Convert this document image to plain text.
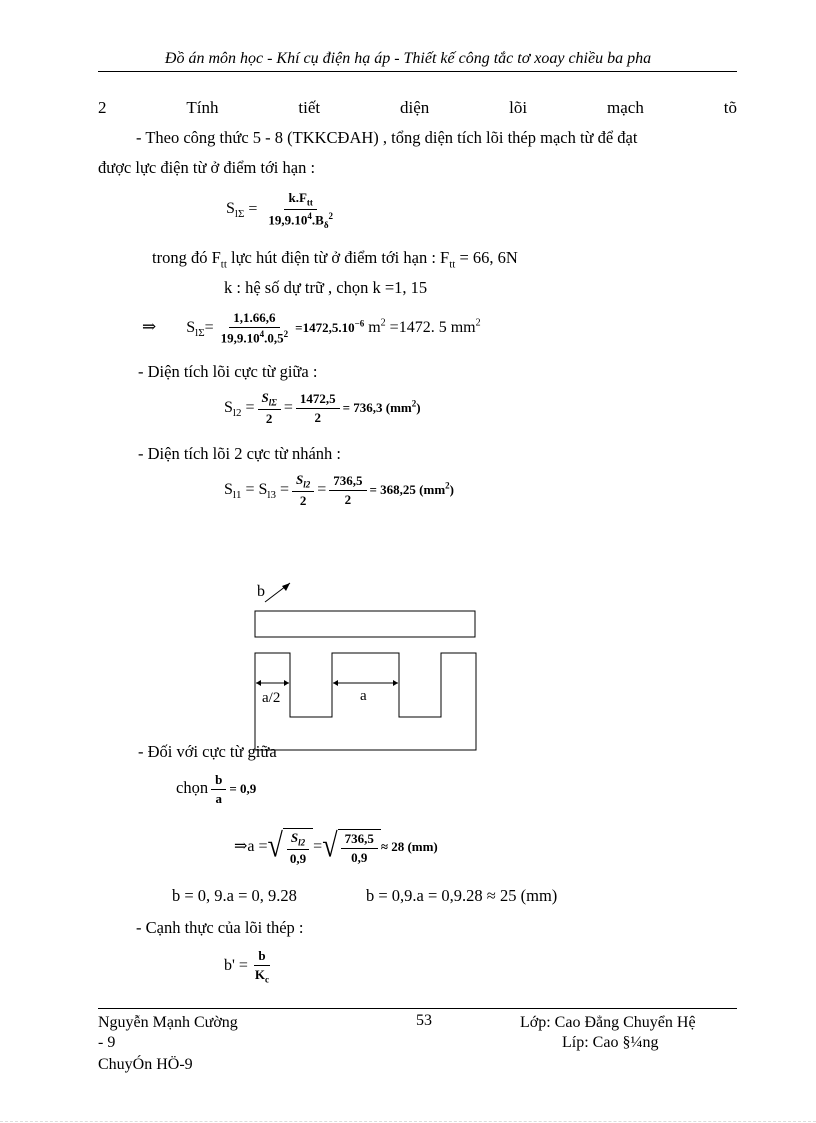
Đồ án môn học - Khí cụ điện hạ áp - Thiết kế công tắc tơ xoay chiều ba pha
2	Tính	tiết	diện	lõi	mạch	tõ
- Theo công thức 5 - 8 (TKKCĐAH) , tổng diện tích lõi thép mạch từ để đạt
được lực điện từ ở điểm tới hạn :
$S_{l\Sigma} = \frac{k.F_{tt}}{19,9.10^4.B_\delta^2}$
trong đó $F_{tt}$ lực hút điện từ ở điểm tới hạn : $F_{tt} = 66$, 6N
k : hệ số dự trữ , chọn k =1, 15
⇒ $S_{l\Sigma}= \frac{1,1.66,6}{19,9.10^4.0,5^2} =1472,5.10^{-6}$ $m^2 =1472$. 5 $mm^2$
- Diện tích lõi cực từ giữa :
$S_{l2} = \frac{S_{l\Sigma}}{2} = \frac{1472,5}{2} = 736,3$ $(mm^2)$
- Diện tích lõi 2 cực từ nhánh :
$S_{l1} = S_{l3} = \frac{S_{l2}}{2} = \frac{736,5}{2} = 368,25$ $(mm^2)$
b
a/2	a
- Đối với cực từ giữa
chọn $\frac{b}{a} = 0,9$
⇒a = √ $\frac{S_{l2}}{0,9}$ = √ $\frac{736,5}{0,9} \approx 28$ (mm)
b = 0, 9.a = 0, 9.28	b = 0,9.a = 0,9.28 ≈ 25 (mm)
- Cạnh thực của lõi thép :
$b' = \frac{b}{K_c}$
Nguyễn Mạnh Cường
- 9
ChuyÓn HÖ-9
53	Lớp: Cao Đẳng Chuyển Hệ
Líp: Cao §¼ng
